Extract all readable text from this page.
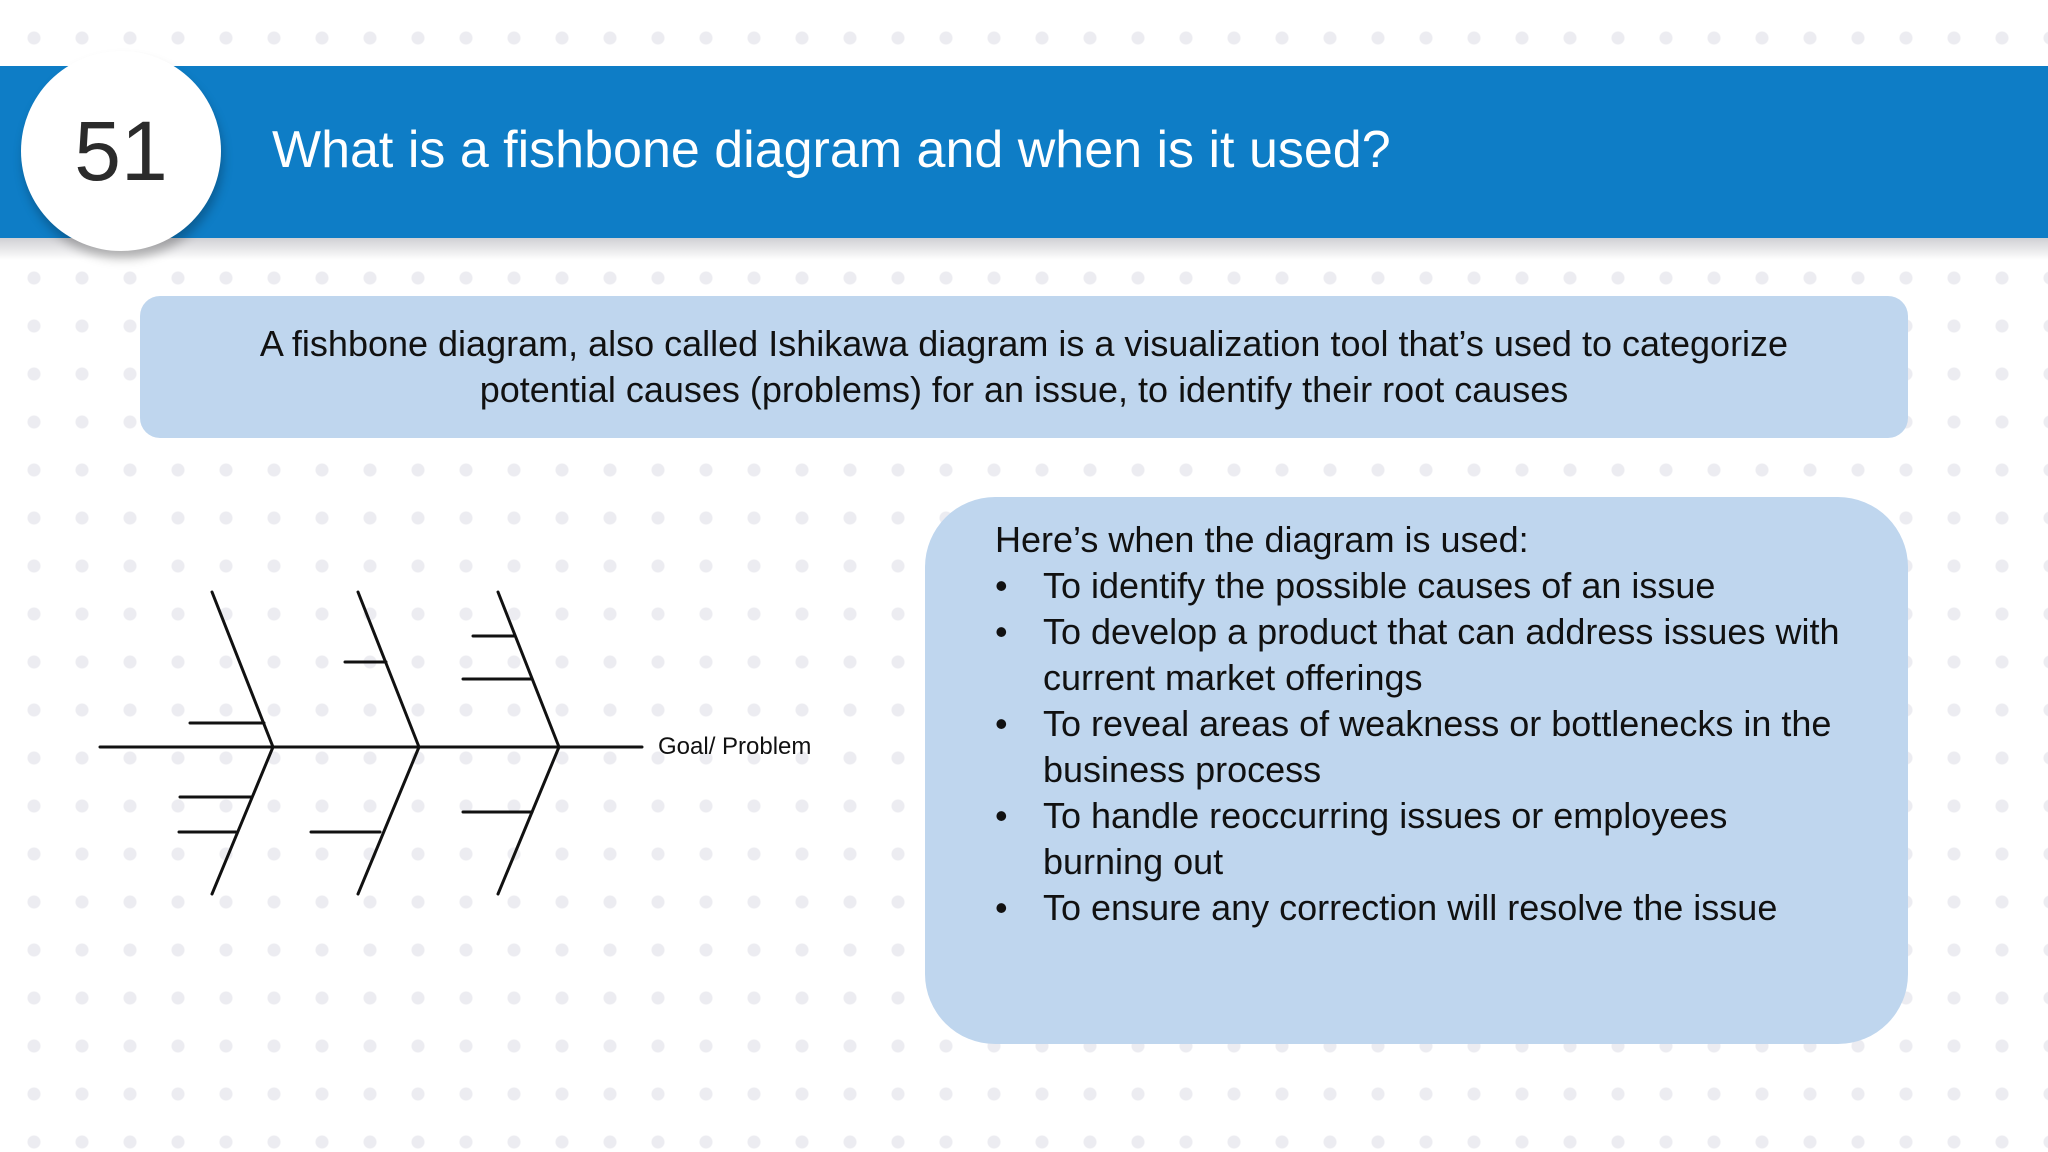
What is a fishbone diagram and when is it used?
51
A fishbone diagram, also called Ishikawa diagram is a visualization tool that’s used to categorize potential causes (problems) for an issue, to identify their root causes
Goal/ Problem
Here’s when the diagram is used:
• To identify the possible causes of an issue
• To develop a product that can address issues with current market offerings
• To reveal areas of weakness or bottlenecks in the business process
• To handle reoccurring issues or employees burning out
• To ensure any correction will resolve the issue
